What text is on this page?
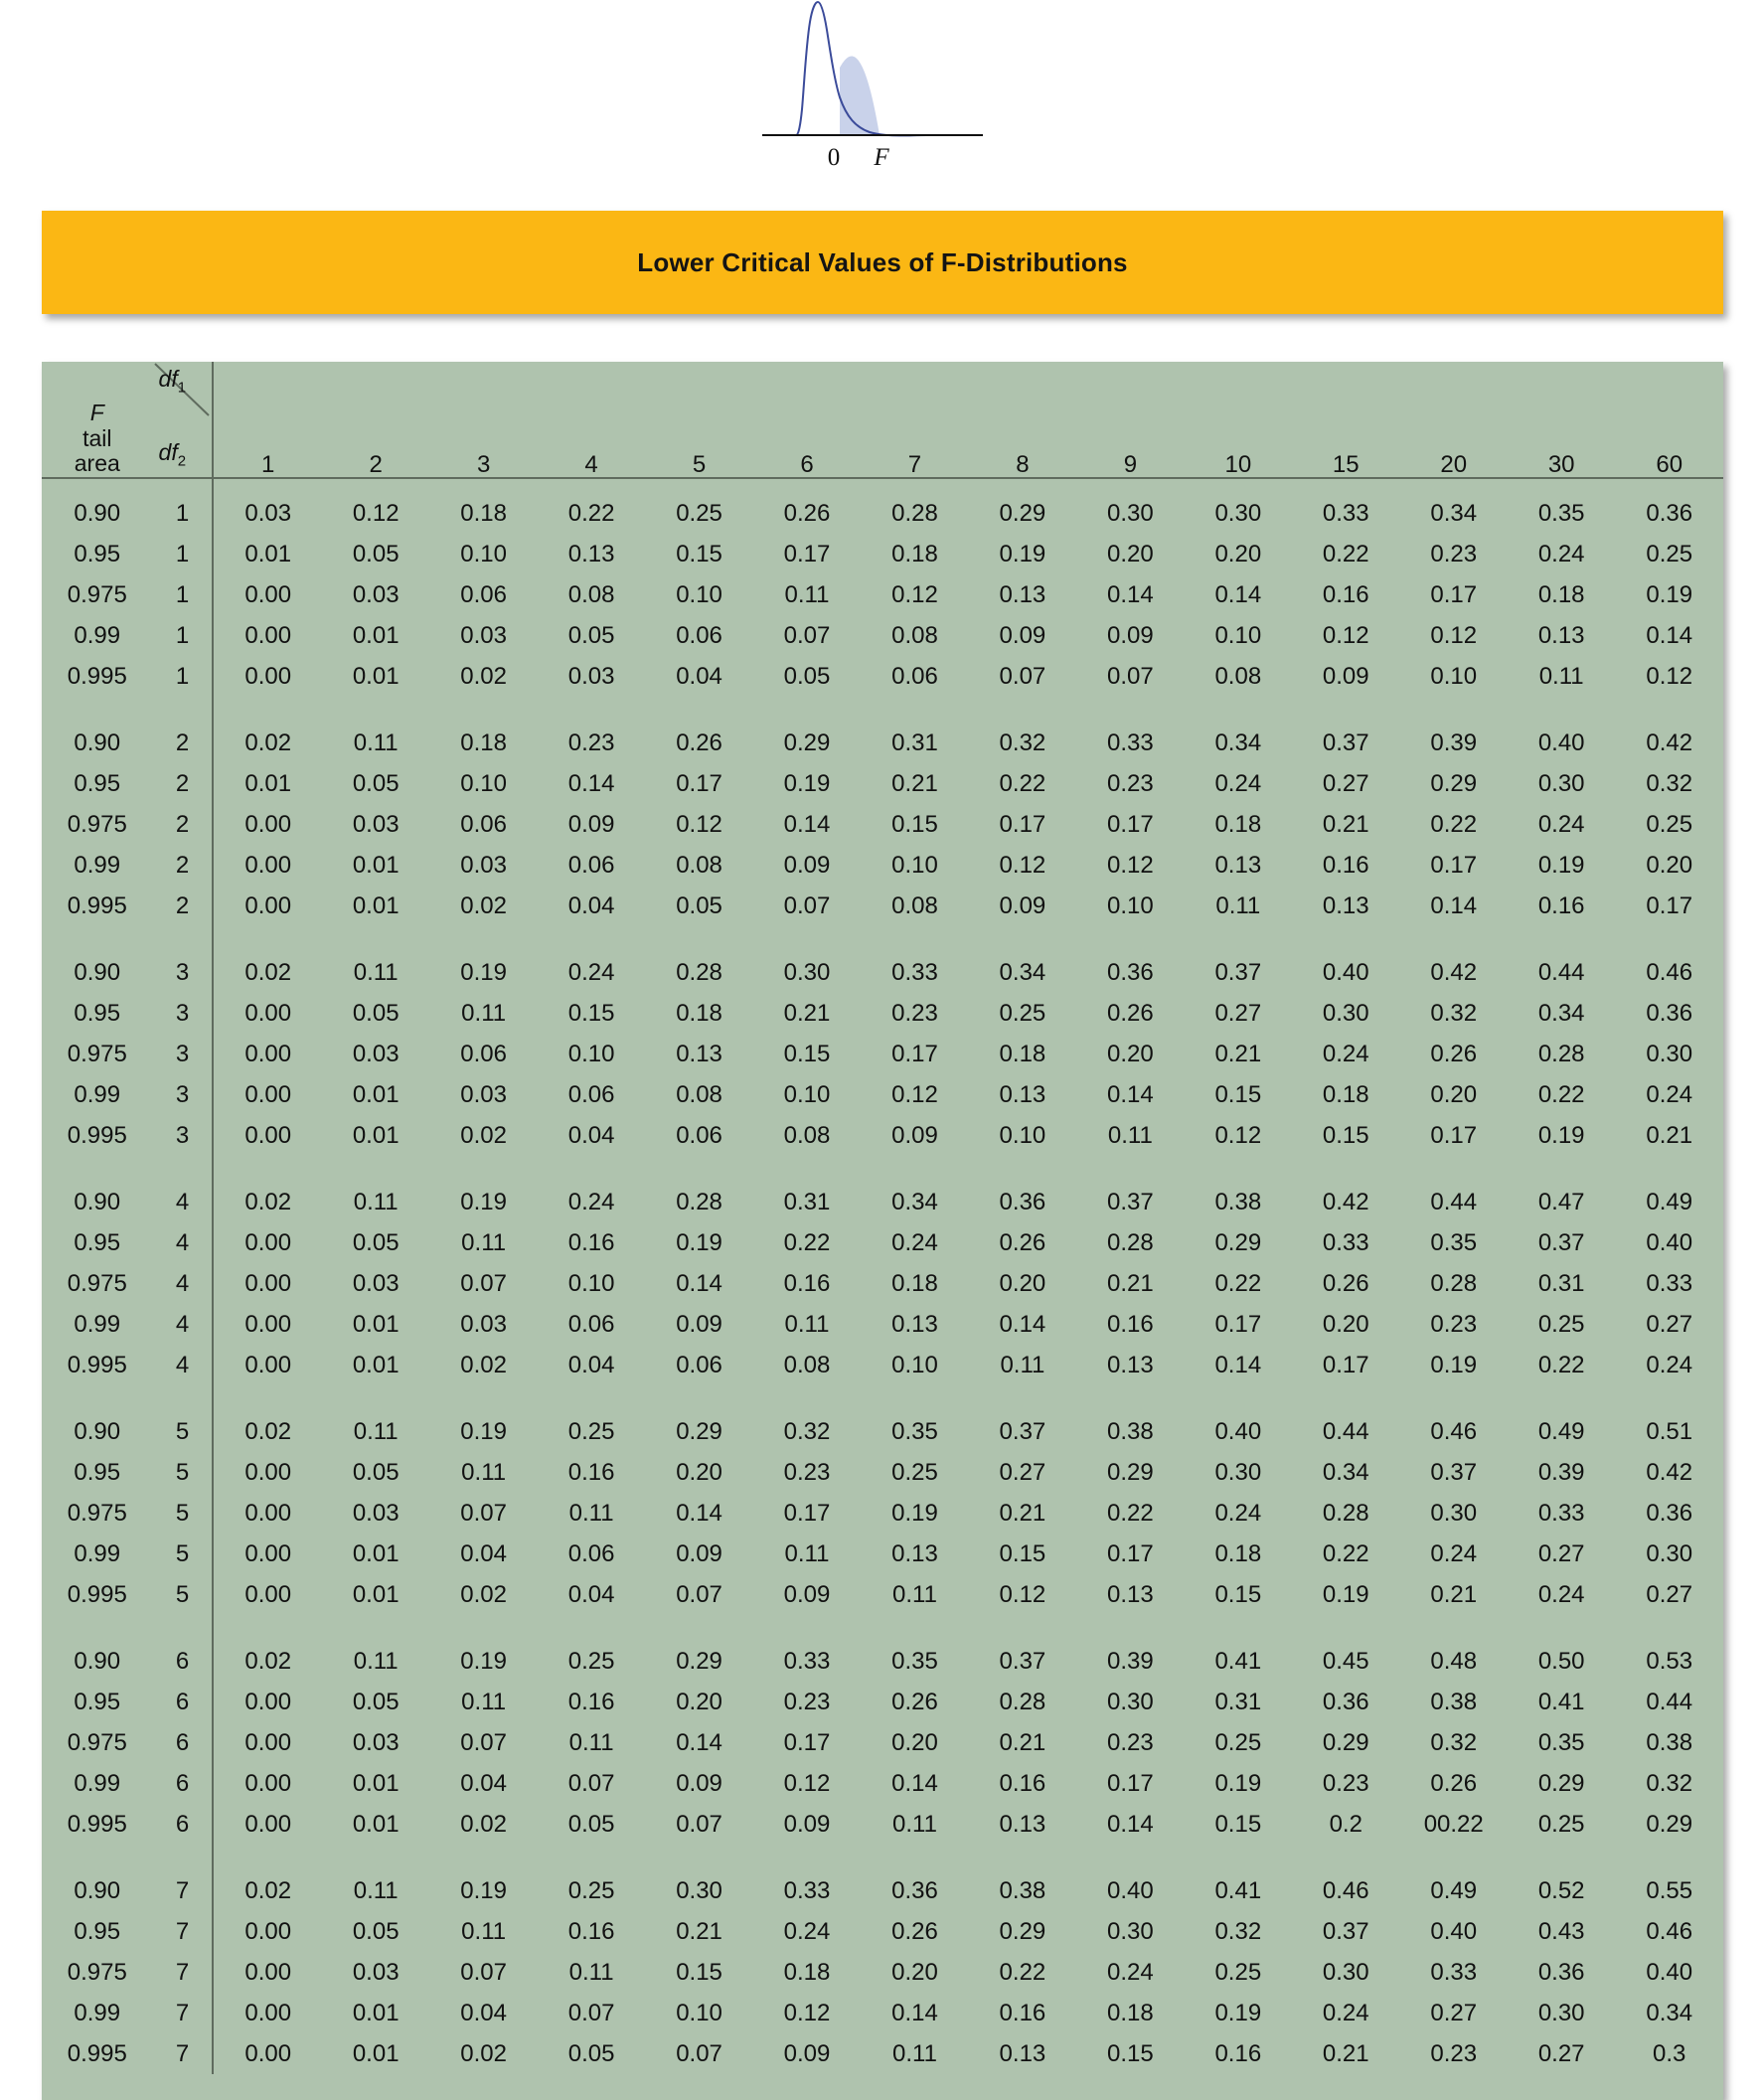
0 F
Lower Critical Values of F-Distributions
F
tail
area	$df_1$
$df_2$	1	2	3	4	5	6	7	8	9	10	15	20	30	60

0.90	1	0.03	0.12	0.18	0.22	0.25	0.26	0.28	0.29	0.30	0.30	0.33	0.34	0.35	0.36
0.95	1	0.01	0.05	0.10	0.13	0.15	0.17	0.18	0.19	0.20	0.20	0.22	0.23	0.24	0.25
0.975	1	0.00	0.03	0.06	0.08	0.10	0.11	0.12	0.13	0.14	0.14	0.16	0.17	0.18	0.19
0.99	1	0.00	0.01	0.03	0.05	0.06	0.07	0.08	0.09	0.09	0.10	0.12	0.12	0.13	0.14
0.995	1	0.00	0.01	0.02	0.03	0.04	0.05	0.06	0.07	0.07	0.08	0.09	0.10	0.11	0.12

0.90	2	0.02	0.11	0.18	0.23	0.26	0.29	0.31	0.32	0.33	0.34	0.37	0.39	0.40	0.42
0.95	2	0.01	0.05	0.10	0.14	0.17	0.19	0.21	0.22	0.23	0.24	0.27	0.29	0.30	0.32
0.975	2	0.00	0.03	0.06	0.09	0.12	0.14	0.15	0.17	0.17	0.18	0.21	0.22	0.24	0.25
0.99	2	0.00	0.01	0.03	0.06	0.08	0.09	0.10	0.12	0.12	0.13	0.16	0.17	0.19	0.20
0.995	2	0.00	0.01	0.02	0.04	0.05	0.07	0.08	0.09	0.10	0.11	0.13	0.14	0.16	0.17

0.90	3	0.02	0.11	0.19	0.24	0.28	0.30	0.33	0.34	0.36	0.37	0.40	0.42	0.44	0.46
0.95	3	0.00	0.05	0.11	0.15	0.18	0.21	0.23	0.25	0.26	0.27	0.30	0.32	0.34	0.36
0.975	3	0.00	0.03	0.06	0.10	0.13	0.15	0.17	0.18	0.20	0.21	0.24	0.26	0.28	0.30
0.99	3	0.00	0.01	0.03	0.06	0.08	0.10	0.12	0.13	0.14	0.15	0.18	0.20	0.22	0.24
0.995	3	0.00	0.01	0.02	0.04	0.06	0.08	0.09	0.10	0.11	0.12	0.15	0.17	0.19	0.21

0.90	4	0.02	0.11	0.19	0.24	0.28	0.31	0.34	0.36	0.37	0.38	0.42	0.44	0.47	0.49
0.95	4	0.00	0.05	0.11	0.16	0.19	0.22	0.24	0.26	0.28	0.29	0.33	0.35	0.37	0.40
0.975	4	0.00	0.03	0.07	0.10	0.14	0.16	0.18	0.20	0.21	0.22	0.26	0.28	0.31	0.33
0.99	4	0.00	0.01	0.03	0.06	0.09	0.11	0.13	0.14	0.16	0.17	0.20	0.23	0.25	0.27
0.995	4	0.00	0.01	0.02	0.04	0.06	0.08	0.10	0.11	0.13	0.14	0.17	0.19	0.22	0.24

0.90	5	0.02	0.11	0.19	0.25	0.29	0.32	0.35	0.37	0.38	0.40	0.44	0.46	0.49	0.51
0.95	5	0.00	0.05	0.11	0.16	0.20	0.23	0.25	0.27	0.29	0.30	0.34	0.37	0.39	0.42
0.975	5	0.00	0.03	0.07	0.11	0.14	0.17	0.19	0.21	0.22	0.24	0.28	0.30	0.33	0.36
0.99	5	0.00	0.01	0.04	0.06	0.09	0.11	0.13	0.15	0.17	0.18	0.22	0.24	0.27	0.30
0.995	5	0.00	0.01	0.02	0.04	0.07	0.09	0.11	0.12	0.13	0.15	0.19	0.21	0.24	0.27

0.90	6	0.02	0.11	0.19	0.25	0.29	0.33	0.35	0.37	0.39	0.41	0.45	0.48	0.50	0.53
0.95	6	0.00	0.05	0.11	0.16	0.20	0.23	0.26	0.28	0.30	0.31	0.36	0.38	0.41	0.44
0.975	6	0.00	0.03	0.07	0.11	0.14	0.17	0.20	0.21	0.23	0.25	0.29	0.32	0.35	0.38
0.99	6	0.00	0.01	0.04	0.07	0.09	0.12	0.14	0.16	0.17	0.19	0.23	0.26	0.29	0.32
0.995	6	0.00	0.01	0.02	0.05	0.07	0.09	0.11	0.13	0.14	0.15	0.2	00.22	0.25	0.29

0.90	7	0.02	0.11	0.19	0.25	0.30	0.33	0.36	0.38	0.40	0.41	0.46	0.49	0.52	0.55
0.95	7	0.00	0.05	0.11	0.16	0.21	0.24	0.26	0.29	0.30	0.32	0.37	0.40	0.43	0.46
0.975	7	0.00	0.03	0.07	0.11	0.15	0.18	0.20	0.22	0.24	0.25	0.30	0.33	0.36	0.40
0.99	7	0.00	0.01	0.04	0.07	0.10	0.12	0.14	0.16	0.18	0.19	0.24	0.27	0.30	0.34
0.995	7	0.00	0.01	0.02	0.05	0.07	0.09	0.11	0.13	0.15	0.16	0.21	0.23	0.27	0.3
